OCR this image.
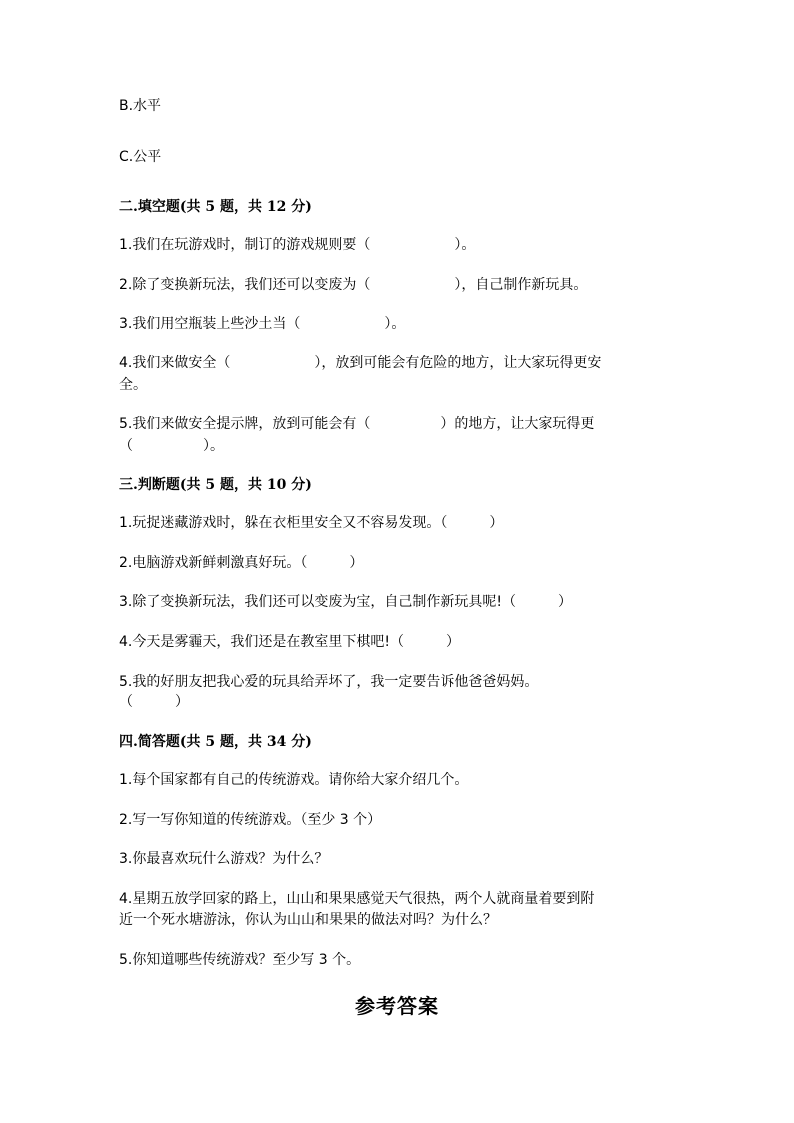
B.水平
C.公平
二.填空题(共 5 题，共 12 分)
1.我们在玩游戏时，制订的游戏规则要（　　　　　　）。
2.除了变换新玩法，我们还可以变废为（　　　　　　），自己制作新玩具。
3.我们用空瓶装上些沙土当（　　　　　　）。
4.我们来做安全（　　　　　　），放到可能会有危险的地方，让大家玩得更安
全。
5.我们来做安全提示牌，放到可能会有（　　　　　）的地方，让大家玩得更
（　　　　　）。
三.判断题(共 5 题，共 10 分)
1.玩捉迷藏游戏时，躲在衣柜里安全又不容易发现。（　　　）
2.电脑游戏新鲜刺激真好玩。（　　　）
3.除了变换新玩法，我们还可以变废为宝，自己制作新玩具呢!（　　　）
4.今天是雾霾天，我们还是在教室里下棋吧!（　　　）
5.我的好朋友把我心爱的玩具给弄坏了，我一定要告诉他爸爸妈妈。
（　　　）
四.简答题(共 5 题，共 34 分)
1.每个国家都有自己的传统游戏。请你给大家介绍几个。
2.写一写你知道的传统游戏。（至少 3 个）
3.你最喜欢玩什么游戏？为什么？
4.星期五放学回家的路上，山山和果果感觉天气很热，两个人就商量着要到附
近一个死水塘游泳，你认为山山和果果的做法对吗？为什么？
5.你知道哪些传统游戏？至少写 3 个。
参考答案
